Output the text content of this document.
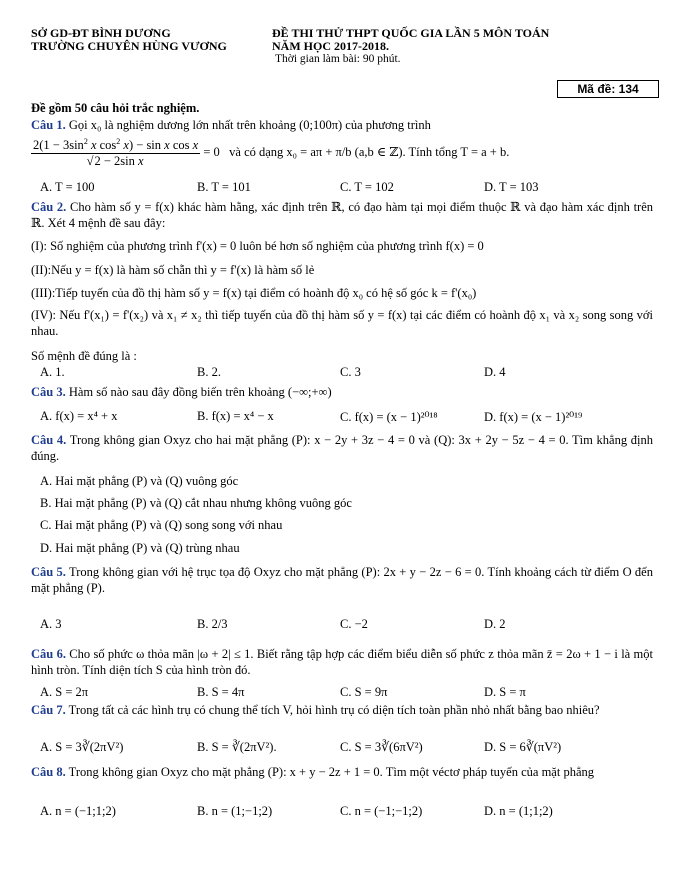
SỞ GD-ĐT BÌNH DƯƠNG
TRƯỜNG CHUYÊN HÙNG VƯƠNG
ĐỀ THI THỬ THPT QUỐC GIA LẦN 5 MÔN TOÁN
NĂM HỌC 2017-2018.
Thời gian làm bài: 90 phút.
Mã đề: 134
Đề gồm 50 câu hỏi trắc nghiệm.
Câu 1. Gọi x₀ là nghiệm dương lớn nhất trên khoảng (0;100π) của phương trình
$\frac{2(1 - 3\sin^2 x \cos^2 x) - \sin x \cos x}{\text{√2 − 2sin x}} = 0$   và có dạng x₀ = aπ + π/b (a,b ∈ ℤ). Tính tổng T = a + b.
A. T = 100	B. T = 101	C. T = 102	D. T = 103
Câu 2. Cho hàm số y = f(x) khác hàm hằng, xác định trên ℝ, có đạo hàm tại mọi điểm thuộc ℝ và đạo hàm xác định trên ℝ. Xét 4 mệnh đề sau đây:
(I): Số nghiệm của phương trình f'(x) = 0 luôn bé hơn số nghiệm của phương trình f(x) = 0
(II):Nếu y = f(x) là hàm số chẵn thì y = f'(x) là hàm số lẻ
(III):Tiếp tuyến của đồ thị hàm số y = f(x) tại điểm có hoành độ x₀ có hệ số góc k = f'(x₀)
(IV): Nếu f'(x₁) = f'(x₂) và x₁ ≠ x₂ thì tiếp tuyến của đồ thị hàm số y = f(x) tại các điểm có hoành độ x₁ và x₂ song song với nhau.
Số mệnh đề đúng là :
A. 1.	B. 2.	C. 3	D. 4
Câu 3. Hàm số nào sau đây đồng biến trên khoảng (−∞;+∞)
A. f(x) = x⁴ + x	B. f(x) = x⁴ − x	C. f(x) = (x − 1)²⁰¹⁸	D. f(x) = (x − 1)²⁰¹⁹
Câu 4. Trong không gian Oxyz cho hai mặt phẳng (P): x − 2y + 3z − 4 = 0 và (Q): 3x + 2y − 5z − 4 = 0. Tìm khẳng định đúng.
A. Hai mặt phẳng (P) và (Q) vuông góc
B. Hai mặt phẳng (P) và (Q) cắt nhau nhưng không vuông góc
C. Hai mặt phẳng (P) và (Q) song song với nhau
D. Hai mặt phẳng (P) và (Q) trùng nhau
Câu 5. Trong không gian với hệ trục tọa độ Oxyz cho mặt phẳng (P): 2x + y − 2z − 6 = 0. Tính khoảng cách từ điểm O đến mặt phẳng (P).
A. 3	B. 2/3	C. −2	D. 2
Câu 6. Cho số phức ω thỏa mãn |ω + 2| ≤ 1. Biết rằng tập hợp các điểm biểu diễn số phức z thỏa mãn z̄ = 2ω + 1 − i là một hình tròn. Tính diện tích S của hình tròn đó.
A. S = 2π	B. S = 4π	C. S = 9π	D. S = π
Câu 7. Trong tất cả các hình trụ có chung thể tích V, hỏi hình trụ có diện tích toàn phần nhỏ nhất bằng bao nhiêu?
A. S = 3∛(2πV²)	B. S = ∛(2πV²).	C. S = 3∛(6πV²)	D. S = 6∛(πV²)
Câu 8. Trong không gian Oxyz cho mặt phẳng (P): x + y − 2z + 1 = 0. Tìm một véctơ pháp tuyến của mặt phẳng
A. n = (−1;1;2)	B. n = (1;−1;2)	C. n = (−1;−1;2)	D. n = (1;1;2)
